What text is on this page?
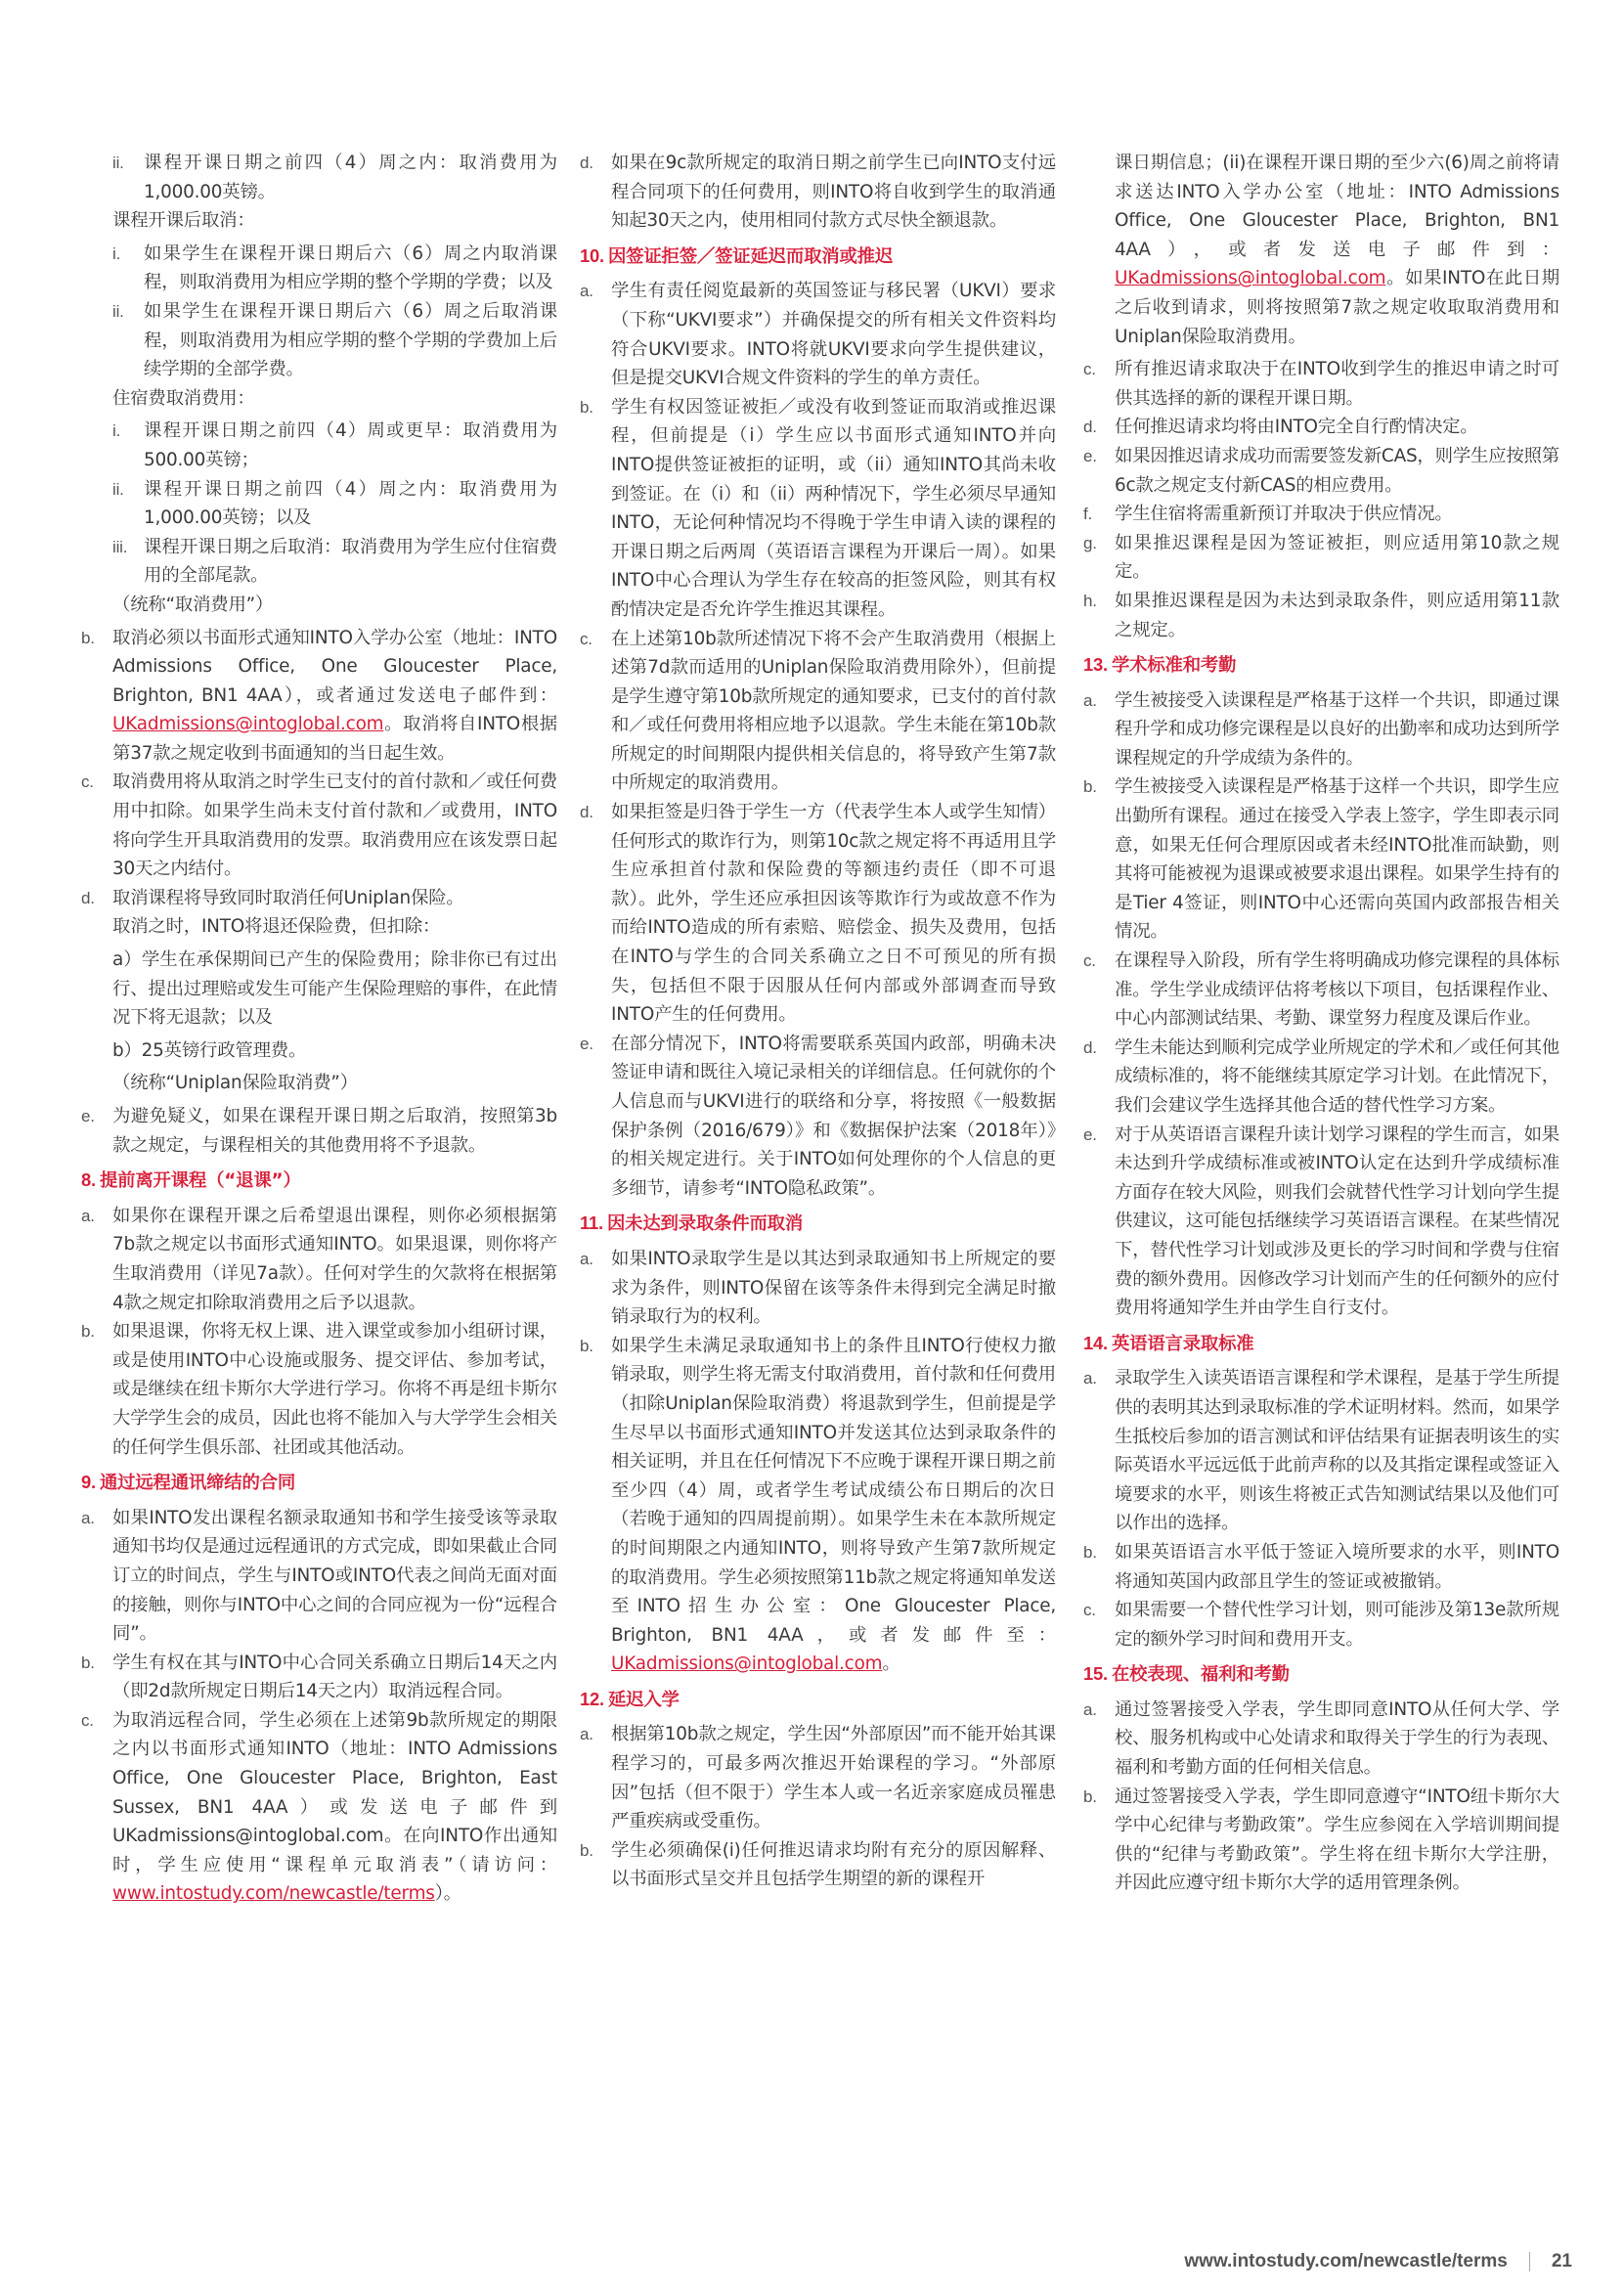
ii.	课程开课日期之前四（4）周之内：取消费用为1,000.00英镑。

课程开课后取消：

i.	如果学生在课程开课日期后六（6）周之内取消课程，则取消费用为相应学期的整个学期的学费；以及

ii.	如果学生在课程开课日期后六（6）周之后取消课程，则取消费用为相应学期的整个学期的学费加上后续学期的全部学费。

住宿费取消费用：

i.	课程开课日期之前四（4）周或更早：取消费用为500.00英镑；

ii.	课程开课日期之前四（4）周之内：取消费用为1,000.00英镑；以及

iii. 课程开课日期之后取消：取消费用为学生应付住宿费用的全部尾款。

（统称“取消费用”）

b. 取消必须以书面形式通知INTO入学办公室（地址：INTO Admissions Office, One Gloucester Place, Brighton, BN1 4AA），或者通过发送电子邮件到：UKadmissions@intoglobal.com。取消将自INTO根据第37款之规定收到书面通知的当日起生效。

c.	取消费用将从取消之时学生已支付的首付款和／或任何费用中扣除。如果学生尚未支付首付款和／或费用，INTO将向学生开具取消费用的发票。取消费用应在该发票日起30天之内结付。

d. 取消课程将导致同时取消任何Uniplan保险。

取消之时，INTO将退还保险费，但扣除：

a）学生在承保期间已产生的保险费用；除非你已有过出行、提出过理赔或发生可能产生保险理赔的事件，在此情况下将无退款；以及

b）25英镑行政管理费。

（统称“Uniplan保险取消费”）

e. 为避免疑义，如果在课程开课日期之后取消，按照第3b款之规定，与课程相关的其他费用将不予退款。

8. 提前离开课程（“退课”）
a. 如果你在课程开课之后希望退出课程，则你必须根据第7b款之规定以书面形式通知INTO。如果退课，则你将产生取消费用（详见7a款）。任何对学生的欠款将在根据第4款之规定扣除取消费用之后予以退款。

b. 如果退课，你将无权上课、进入课堂或参加小组研讨课，或是使用INTO中心设施或服务、提交评估、参加考试，或是继续在纽卡斯尔大学进行学习。你将不再是纽卡斯尔大学学生会的成员，因此也将不能加入与大学学生会相关的任何学生俱乐部、社团或其他活动。

9. 通过远程通讯缔结的合同
a. 如果INTO发出课程名额录取通知书和学生接受该等录取通知书均仅是通过远程通讯的方式完成，即如果截止合同订立的时间点，学生与INTO或INTO代表之间尚无面对面的接触，则你与INTO中心之间的合同应视为一份“远程合同”。

b. 学生有权在其与INTO中心合同关系确立日期后14天之内（即2d款所规定日期后14天之内）取消远程合同。

c.	为取消远程合同，学生必须在上述第9b款所规定的期限之内以书面形式通知INTO（地址：INTO Admissions Office, One Gloucester Place, Brighton, East Sussex, BN1 4AA）或发送电子邮件到UKadmissions@intoglobal.com。在向INTO作出通知时，学生应使用“课程单元取消表”（请访问：www.intostudy.com/newcastle/terms）。

d. 如果在9c款所规定的取消日期之前学生已向INTO支付远程合同项下的任何费用，则INTO将自收到学生的取消通知起30天之内，使用相同付款方式尽快全额退款。

10. 因签证拒签／签证延迟而取消或推迟
a. 学生有责任阅览最新的英国签证与移民署（UKVI）要求（下称“UKVI要求”）并确保提交的所有相关文件资料均符合UKVI要求。INTO将就UKVI要求向学生提供建议，但是提交UKVI合规文件资料的学生的单方责任。

b. 学生有权因签证被拒／或没有收到签证而取消或推迟课程，但前提是（i）学生应以书面形式通知INTO并向INTO提供签证被拒的证明，或（ii）通知INTO其尚未收到签证。在（i）和（ii）两种情况下，学生必须尽早通知INTO，无论何种情况均不得晚于学生申请入读的课程的开课日期之后两周（英语语言课程为开课后一周）。如果INTO中心合理认为学生存在较高的拒签风险，则其有权酌情决定是否允许学生推迟其课程。

c.	在上述第10b款所述情况下将不会产生取消费用（根据上述第7d款而适用的Uniplan保险取消费用除外），但前提是学生遵守第10b款所规定的通知要求，已支付的首付款和／或任何费用将相应地予以退款。学生未能在第10b款所规定的时间期限内提供相关信息的，将导致产生第7款中所规定的取消费用。

d. 如果拒签是归咎于学生一方（代表学生本人或学生知情）任何形式的欺诈行为，则第10c款之规定将不再适用且学生应承担首付款和保险费的等额违约责任（即不可退款）。此外，学生还应承担因该等欺诈行为或故意不作为而给INTO造成的所有索赔、赔偿金、损失及费用，包括在INTO与学生的合同关系确立之日不可预见的所有损失，包括但不限于因服从任何内部或外部调查而导致INTO产生的任何费用。

e. 在部分情况下，INTO将需要联系英国内政部，明确未决签证申请和既往入境记录相关的详细信息。任何就你的个人信息而与UKVI进行的联络和分享，将按照《一般数据保护条例（2016/679）》和《数据保护法案（2018年）》的相关规定进行。关于INTO如何处理你的个人信息的更多细节，请参考“INTO隐私政策”。

11. 因未达到录取条件而取消
a. 如果INTO录取学生是以其达到录取通知书上所规定的要求为条件，则INTO保留在该等条件未得到完全满足时撤销录取行为的权利。

b. 如果学生未满足录取通知书上的条件且INTO行使权力撤销录取，则学生将无需支付取消费用，首付款和任何费用（扣除Uniplan保险取消费）将退款到学生，但前提是学生尽早以书面形式通知INTO并发送其位达到录取条件的相关证明，并且在任何情况下不应晚于课程开课日期之前至少四（4）周，或者学生考试成绩公布日期后的次日（若晚于通知的四周提前期）。如果学生未在本款所规定的时间期限之内通知INTO，则将导致产生第7款所规定的取消费用。学生必须按照第11b款之规定将通知单发送至INTO招生办公室：One Gloucester Place, Brighton, BN1 4AA，或者发邮件至：UKadmissions@intoglobal.com。

12. 延迟入学
a. 根据第10b款之规定，学生因“外部原因”而不能开始其课程学习的，可最多两次推迟开始课程的学习。“外部原因”包括（但不限于）学生本人或一名近亲家庭成员罹患严重疾病或受重伤。

b. 学生必须确保(i)任何推迟请求均附有充分的原因解释、以书面形式呈交并且包括学生期望的新的课程开

课日期信息；(ii)在课程开课日期的至少六(6)周之前将请求送达INTO入学办公室（地址：INTO Admissions Office, One Gloucester Place, Brighton, BN1 4AA），或者发送电子邮件到：UKadmissions@intoglobal.com。如果INTO在此日期之后收到请求，则将按照第7款之规定收取取消费用和Uniplan保险取消费用。

c.	所有推迟请求取决于在INTO收到学生的推迟申请之时可供其选择的新的课程开课日期。

d. 任何推迟请求均将由INTO完全自行酌情决定。

e. 如果因推迟请求成功而需要签发新CAS，则学生应按照第6c款之规定支付新CAS的相应费用。

f.	学生住宿将需重新预订并取决于供应情况。

g. 如果推迟课程是因为签证被拒，则应适用第10款之规定。

h. 如果推迟课程是因为未达到录取条件，则应适用第11款之规定。

13. 学术标准和考勤
a. 学生被接受入读课程是严格基于这样一个共识，即通过课程升学和成功修完课程是以良好的出勤率和成功达到所学课程规定的升学成绩为条件的。

b. 学生被接受入读课程是严格基于这样一个共识，即学生应出勤所有课程。通过在接受入学表上签字，学生即表示同意，如果无任何合理原因或者未经INTO批准而缺勤，则其将可能被视为退课或被要求退出课程。如果学生持有的是Tier 4签证，则INTO中心还需向英国内政部报告相关情况。

c.	在课程导入阶段，所有学生将明确成功修完课程的具体标准。学生学业成绩评估将考核以下项目，包括课程作业、中心内部测试结果、考勤、课堂努力程度及课后作业。

d. 学生未能达到顺利完成学业所规定的学术和／或任何其他成绩标准的，将不能继续其原定学习计划。在此情况下，我们会建议学生选择其他合适的替代性学习方案。

e. 对于从英语语言课程升读计划学习课程的学生而言，如果未达到升学成绩标准或被INTO认定在达到升学成绩标准方面存在较大风险，则我们会就替代性学习计划向学生提供建议，这可能包括继续学习英语语言课程。在某些情况下，替代性学习计划或涉及更长的学习时间和学费与住宿费的额外费用。因修改学习计划而产生的任何额外的应付费用将通知学生并由学生自行支付。

14. 英语语言录取标准
a. 录取学生入读英语语言课程和学术课程，是基于学生所提供的表明其达到录取标准的学术证明材料。然而，如果学生抵校后参加的语言测试和评估结果有证据表明该生的实际英语水平远远低于此前声称的以及其指定课程或签证入境要求的水平，则该生将被正式告知测试结果以及他们可以作出的选择。

b. 如果英语语言水平低于签证入境所要求的水平，则INTO将通知英国内政部且学生的签证或被撤销。

c.	如果需要一个替代性学习计划，则可能涉及第13e款所规定的额外学习时间和费用开支。

15. 在校表现、福利和考勤
a. 通过签署接受入学表，学生即同意INTO从任何大学、学校、服务机构或中心处请求和取得关于学生的行为表现、福利和考勤方面的任何相关信息。

b. 通过签署接受入学表，学生即同意遵守“INTO纽卡斯尔大学中心纪律与考勤政策”。学生应参阅在入学培训期间提供的“纪律与考勤政策”。学生将在纽卡斯尔大学注册，并因此应遵守纽卡斯尔大学的适用管理条例。

www.intostudy.com/newcastle/terms 21
